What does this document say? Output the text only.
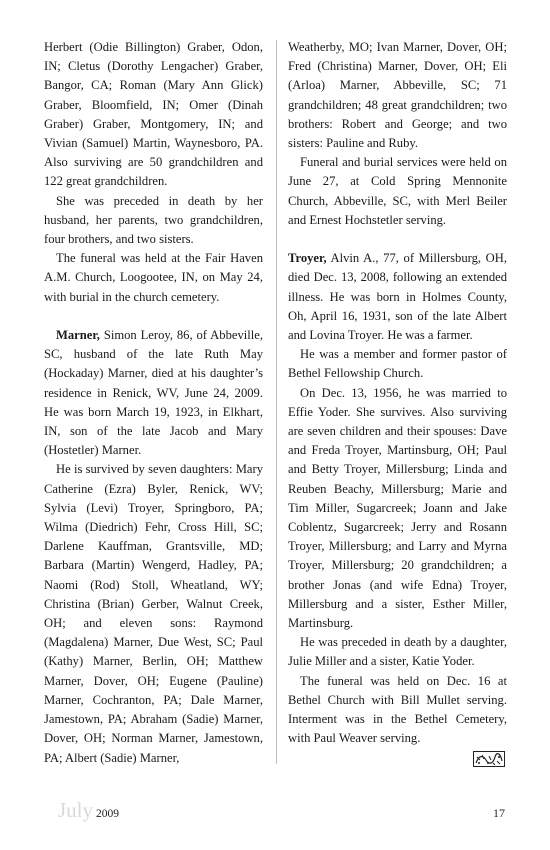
Herbert (Odie Billington) Graber, Odon, IN; Cletus (Dorothy Lengacher) Graber, Bangor, CA; Roman (Mary Ann Glick) Graber, Bloomfield, IN; Omer (Dinah Graber) Graber, Montgomery, IN; and Vivian (Samuel) Martin, Waynesboro, PA. Also surviving are 50 grandchildren and 122 great grandchildren.

She was preceded in death by her husband, her parents, two grandchildren, four brothers, and two sisters.

The funeral was held at the Fair Haven A.M. Church, Loogootee, IN, on May 24, with burial in the church cemetery.

Marner, Simon Leroy, 86, of Abbeville, SC, husband of the late Ruth May (Hockaday) Marner, died at his daughter’s residence in Renick, WV, June 24, 2009. He was born March 19, 1923, in Elkhart, IN, son of the late Jacob and Mary (Hostetler) Marner.

He is survived by seven daughters: Mary Catherine (Ezra) Byler, Renick, WV; Sylvia (Levi) Troyer, Springboro, PA; Wilma (Diedrich) Fehr, Cross Hill, SC; Darlene Kauffman, Grantsville, MD; Barbara (Martin) Wengerd, Hadley, PA; Naomi (Rod) Stoll, Wheatland, WY; Christina (Brian) Gerber, Walnut Creek, OH; and eleven sons: Raymond (Magdalena) Marner, Due West, SC; Paul (Kathy) Marner, Berlin, OH; Matthew Marner, Dover, OH; Eugene (Pauline) Marner, Cochranton, PA; Dale Marner, Jamestown, PA; Abraham (Sadie) Marner, Dover, OH; Norman Marner, Jamestown, PA; Albert (Sadie) Marner,

Weatherby, MO; Ivan Marner, Dover, OH; Fred (Christina) Marner, Dover, OH; Eli (Arloa) Marner, Abbeville, SC; 71 grandchildren; 48 great grandchildren; two brothers: Robert and George; and two sisters: Pauline and Ruby.

Funeral and burial services were held on June 27, at Cold Spring Mennonite Church, Abbeville, SC, with Merl Beiler and Ernest Hochstetler serving.

Troyer, Alvin A., 77, of Millersburg, OH, died Dec. 13, 2008, following an extended illness. He was born in Holmes County, Oh, April 16, 1931, son of the late Albert and Lovina Troyer. He was a farmer.

He was a member and former pastor of Bethel Fellowship Church.

On Dec. 13, 1956, he was married to Effie Yoder. She survives. Also surviving are seven children and their spouses: Dave and Freda Troyer, Martinsburg, OH; Paul and Betty Troyer, Millersburg; Linda and Reuben Beachy, Millersburg; Marie and Tim Miller, Sugarcreek; Joann and Jake Coblentz, Sugarcreek; Jerry and Rosann Troyer, Millersburg; and Larry and Myrna Troyer, Millersburg; 20 grandchildren; a brother Jonas (and wife Edna) Troyer, Millersburg and a sister, Esther Miller, Martinsburg.

He was preceded in death by a daughter, Julie Miller and a sister, Katie Yoder.

The funeral was held on Dec. 16 at Bethel Church with Bill Mullet serving. Interment was in the Bethel Cemetery, with Paul Weaver serving.

July 2009	17
